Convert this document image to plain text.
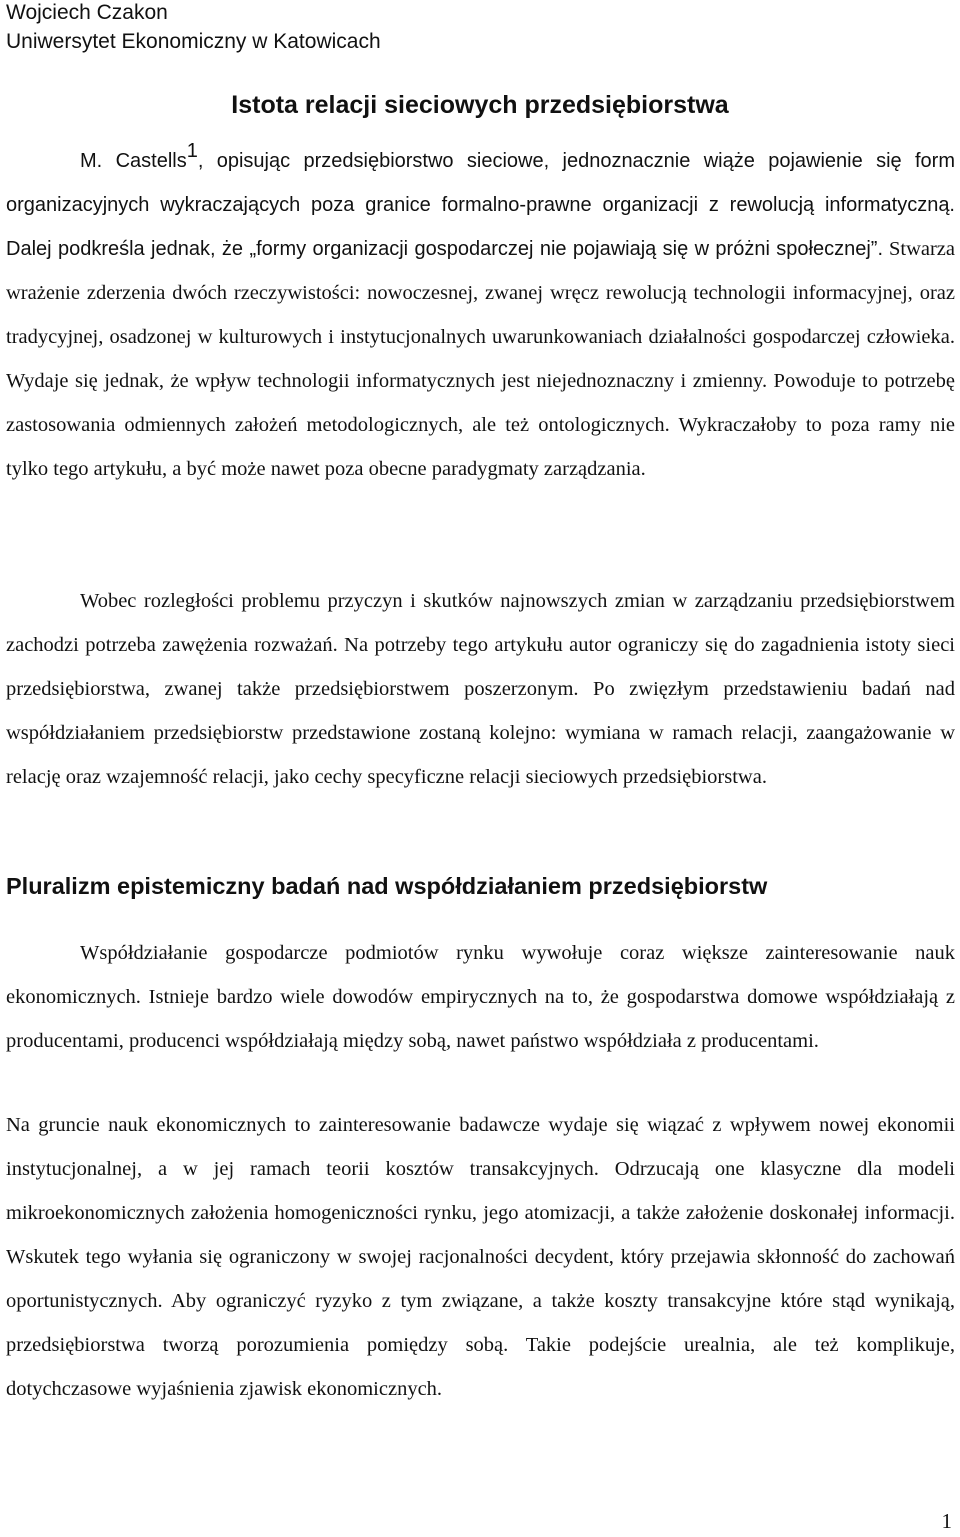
Wojciech Czakon
Uniwersytet Ekonomiczny w Katowicach
Istota relacji sieciowych przedsiębiorstwa

M. Castells$^1$, opisując przedsiębiorstwo sieciowe, jednoznacznie wiąże pojawienie się form organizacyjnych wykraczających poza granice formalno-prawne organizacji z rewolucją informatyczną. Dalej podkreśla jednak, że „formy organizacji gospodarczej nie pojawiają się w próżni społecznej”. Stwarza wrażenie zderzenia dwóch rzeczywistości: nowoczesnej, zwanej wręcz rewolucją technologii informacyjnej, oraz tradycyjnej, osadzonej w kulturowych i instytucjonalnych uwarunkowaniach działalności gospodarczej człowieka. Wydaje się jednak, że wpływ technologii informatycznych jest niejednoznaczny i zmienny. Powoduje to potrzebę zastosowania odmiennych założeń metodologicznych, ale też ontologicznych. Wykraczałoby to poza ramy nie tylko tego artykułu, a być może nawet poza obecne paradygmaty zarządzania.

Wobec rozległości problemu przyczyn i skutków najnowszych zmian w zarządzaniu przedsiębiorstwem zachodzi potrzeba zawężenia rozważań. Na potrzeby tego artykułu autor ograniczy się do zagadnienia istoty sieci przedsiębiorstwa, zwanej także przedsiębiorstwem poszerzonym. Po zwięzłym przedstawieniu badań nad współdziałaniem przedsiębiorstw przedstawione zostaną kolejno: wymiana w ramach relacji, zaangażowanie w relację oraz wzajemność relacji, jako cechy specyficzne relacji sieciowych przedsiębiorstwa.

Pluralizm epistemiczny badań nad współdziałaniem przedsiębiorstw

Współdziałanie gospodarcze podmiotów rynku wywołuje coraz większe zainteresowanie nauk ekonomicznych. Istnieje bardzo wiele dowodów empirycznych na to, że gospodarstwa domowe współdziałają z producentami, producenci współdziałają między sobą, nawet państwo współdziała z producentami.

Na gruncie nauk ekonomicznych to zainteresowanie badawcze wydaje się wiązać z wpływem nowej ekonomii instytucjonalnej, a w jej ramach teorii kosztów transakcyjnych. Odrzucają one klasyczne dla modeli mikroekonomicznych założenia homogeniczności rynku, jego atomizacji, a także założenie doskonałej informacji. Wskutek tego wyłania się ograniczony w swojej racjonalności decydent, który przejawia skłonność do zachowań oportunistycznych. Aby ograniczyć ryzyko z tym związane, a także koszty transakcyjne które stąd wynikają, przedsiębiorstwa tworzą porozumienia pomiędzy sobą. Takie podejście urealnia, ale też komplikuje, dotychczasowe wyjaśnienia zjawisk ekonomicznych.

1
